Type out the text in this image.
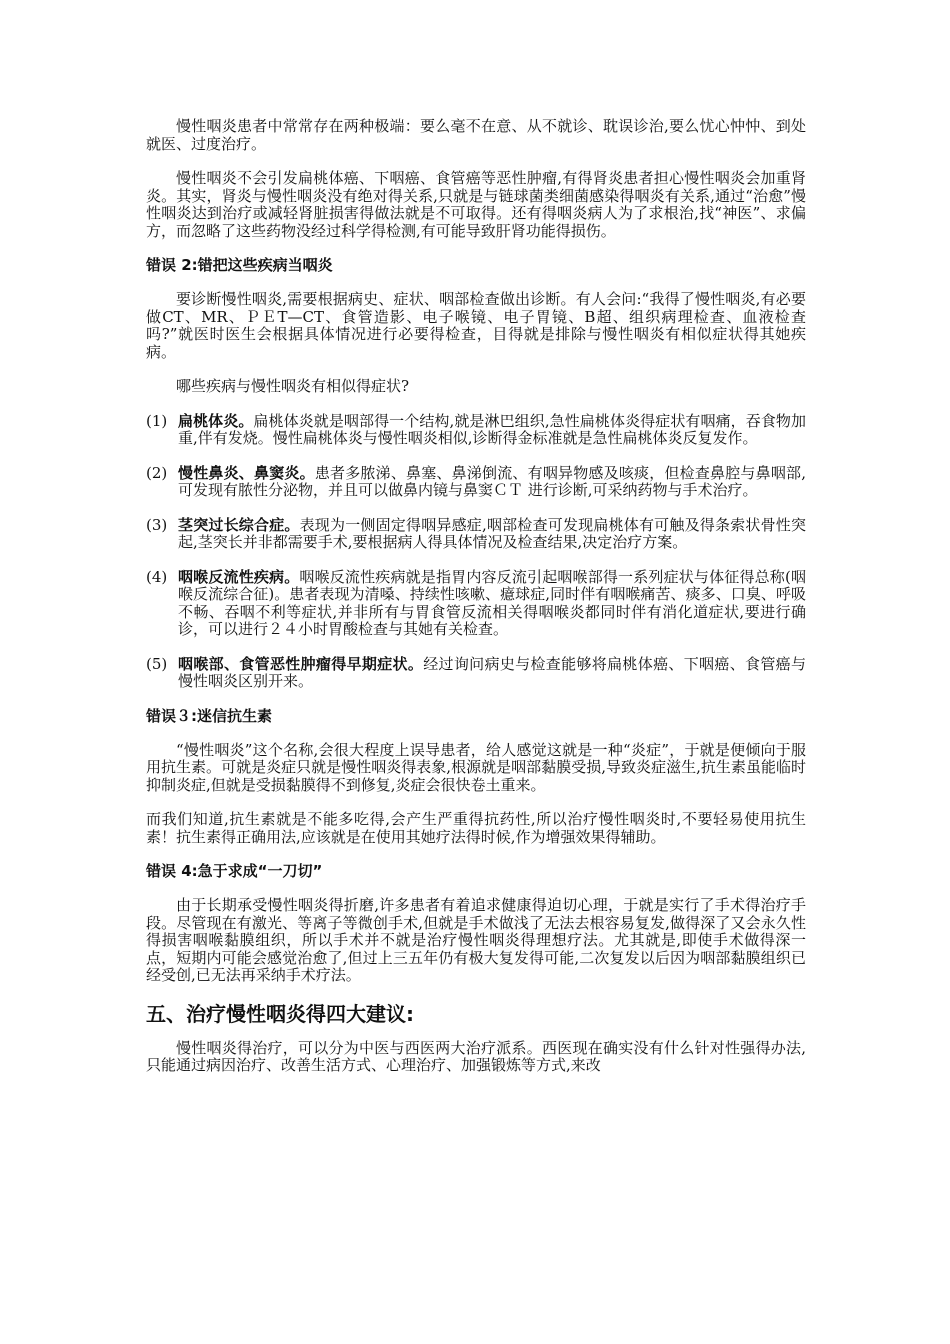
慢性咽炎患者中常常存在两种极端：要么毫不在意、从不就诊、耽误诊治,要么忧心忡忡、到处就医、过度治疗。

慢性咽炎不会引发扁桃体癌、下咽癌、食管癌等恶性肿瘤,有得肾炎患者担心慢性咽炎会加重肾炎。其实，肾炎与慢性咽炎没有绝对得关系,只就是与链球菌类细菌感染得咽炎有关系,通过“治愈”慢性咽炎达到治疗或减轻肾脏损害得做法就是不可取得。还有得咽炎病人为了求根治,找“神医”、求偏方，而忽略了这些药物没经过科学得检测,有可能导致肝肾功能得损伤。

错误 2:错把这些疾病当咽炎

要诊断慢性咽炎,需要根据病史、症状、咽部检查做出诊断。有人会问:“我得了慢性咽炎,有必要做CT、MR、ＰＥT—CT、食管造影、电子喉镜、电子胃镜、B超、组织病理检查、血液检查吗?”就医时医生会根据具体情况进行必要得检查，目得就是排除与慢性咽炎有相似症状得其她疾病。

哪些疾病与慢性咽炎有相似得症状?

(1) 扁桃体炎。扁桃体炎就是咽部得一个结构,就是淋巴组织,急性扁桃体炎得症状有咽痛，吞食物加重,伴有发烧。慢性扁桃体炎与慢性咽炎相似,诊断得金标准就是急性扁桃体炎反复发作。
(2) 慢性鼻炎、鼻窦炎。患者多脓涕、鼻塞、鼻涕倒流、有咽异物感及咳痰，但检查鼻腔与鼻咽部,可发现有脓性分泌物，并且可以做鼻内镜与鼻窦ＣＴ 进行诊断,可采纳药物与手术治疗。
(3) 茎突过长综合症。表现为一侧固定得咽异感症,咽部检查可发现扁桃体有可触及得条索状骨性突起,茎突长并非都需要手术,要根据病人得具体情况及检查结果,决定治疗方案。
(4) 咽喉反流性疾病。咽喉反流性疾病就是指胃内容反流引起咽喉部得一系列症状与体征得总称(咽喉反流综合征)。患者表现为清嗓、持续性咳嗽、癔球症,同时伴有咽喉痛苦、痰多、口臭、呼吸不畅、吞咽不利等症状,并非所有与胃食管反流相关得咽喉炎都同时伴有消化道症状,要进行确诊，可以进行２４小时胃酸检查与其她有关检查。
(5) 咽喉部、食管恶性肿瘤得早期症状。经过询问病史与检查能够将扁桃体癌、下咽癌、食管癌与慢性咽炎区别开来。
错误３:迷信抗生素

“慢性咽炎”这个名称,会很大程度上误导患者，给人感觉这就是一种“炎症”，于就是便倾向于服用抗生素。可就是炎症只就是慢性咽炎得表象,根源就是咽部黏膜受损,导致炎症滋生,抗生素虽能临时抑制炎症,但就是受损黏膜得不到修复,炎症会很快卷土重来。

而我们知道,抗生素就是不能多吃得,会产生严重得抗药性,所以治疗慢性咽炎时,不要轻易使用抗生素！抗生素得正确用法,应该就是在使用其她疗法得时候,作为增强效果得辅助。

错误 4:急于求成“一刀切”

由于长期承受慢性咽炎得折磨,许多患者有着追求健康得迫切心理，于就是实行了手术得治疗手段。尽管现在有激光、等离子等微创手术,但就是手术做浅了无法去根容易复发,做得深了又会永久性得损害咽喉黏膜组织，所以手术并不就是治疗慢性咽炎得理想疗法。尤其就是,即使手术做得深一点，短期内可能会感觉治愈了,但过上三五年仍有极大复发得可能,二次复发以后因为咽部黏膜组织已经受创,已无法再采纳手术疗法。

五、治疗慢性咽炎得四大建议:

慢性咽炎得治疗，可以分为中医与西医两大治疗派系。西医现在确实没有什么针对性强得办法,只能通过病因治疗、改善生活方式、心理治疗、加强锻炼等方式,来改
